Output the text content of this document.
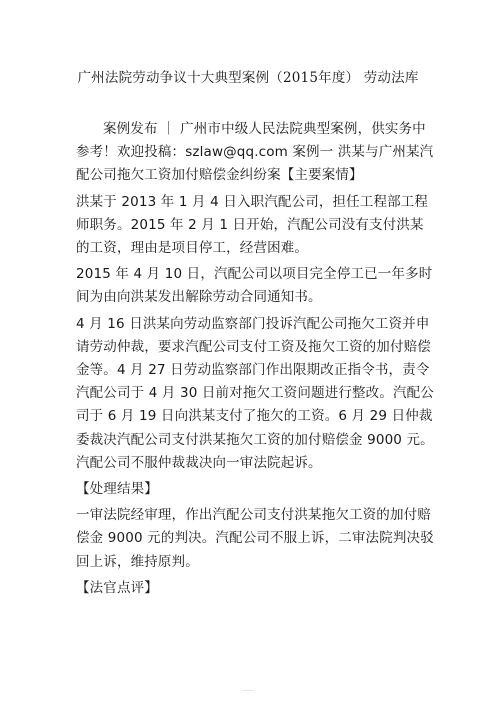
广州法院劳动争议十大典型案例（2015年度） 劳动法库

案例发布 ｜ 广州市中级人民法院典型案例，供实务中参考！欢迎投稿：szlaw@qq.com 案例一 洪某与广州某汽配公司拖欠工资加付赔偿金纠纷案【主要案情】

洪某于 2013 年 1 月 4 日入职汽配公司，担任工程部工程师职务。2015 年 2 月 1 日开始，汽配公司没有支付洪某的工资，理由是项目停工，经营困难。

2015 年 4 月 10 日，汽配公司以项目完全停工已一年多时间为由向洪某发出解除劳动合同通知书。

4 月 16 日洪某向劳动监察部门投诉汽配公司拖欠工资并申请劳动仲裁，要求汽配公司支付工资及拖欠工资的加付赔偿金等。4 月 27 日劳动监察部门作出限期改正指令书，责令汽配公司于 4 月 30 日前对拖欠工资问题进行整改。汽配公司于 6 月 19 日向洪某支付了拖欠的工资。6 月 29 日仲裁委裁决汽配公司支付洪某拖欠工资的加付赔偿金 9000 元。汽配公司不服仲裁裁决向一审法院起诉。

【处理结果】

一审法院经审理，作出汽配公司支付洪某拖欠工资的加付赔偿金 9000 元的判决。汽配公司不服上诉，二审法院判决驳回上诉，维持原判。

【法官点评】
